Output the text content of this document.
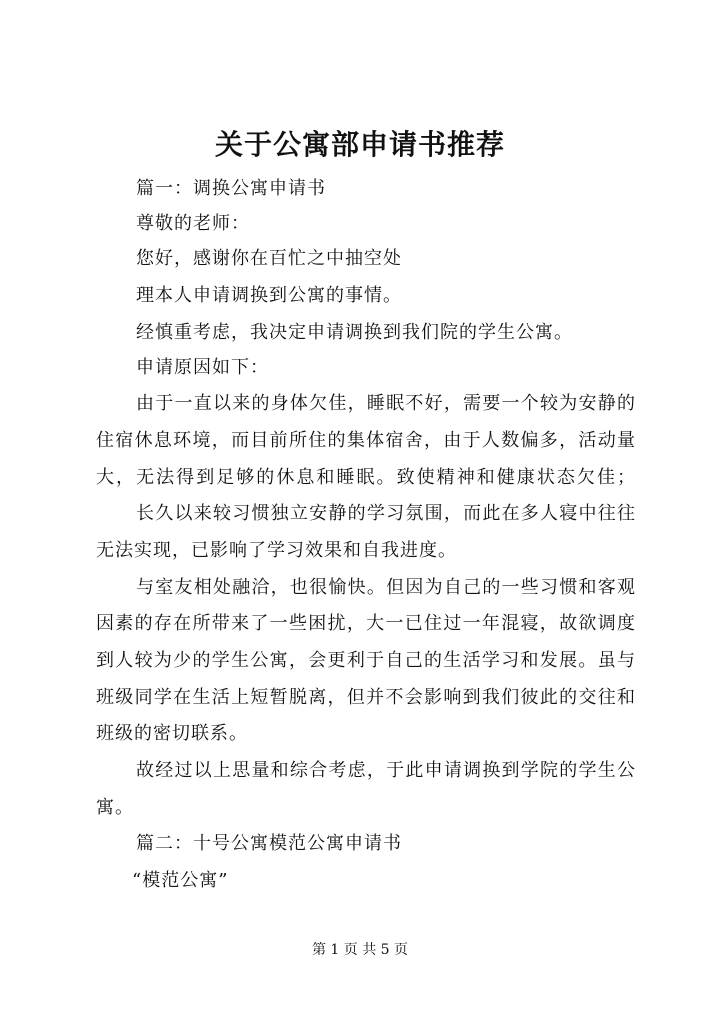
关于公寓部申请书推荐
篇一：调换公寓申请书
尊敬的老师：
您好，感谢你在百忙之中抽空处
理本人申请调换到公寓的事情。
经慎重考虑，我决定申请调换到我们院的学生公寓。
申请原因如下：
由于一直以来的身体欠佳，睡眠不好，需要一个较为安静的
住宿休息环境，而目前所住的集体宿舍，由于人数偏多，活动量
大，无法得到足够的休息和睡眠。致使精神和健康状态欠佳；
长久以来较习惯独立安静的学习氛围，而此在多人寝中往往
无法实现，已影响了学习效果和自我进度。
与室友相处融洽，也很愉快。但因为自己的一些习惯和客观
因素的存在所带来了一些困扰，大一已住过一年混寝，故欲调度
到人较为少的学生公寓，会更利于自己的生活学习和发展。虽与
班级同学在生活上短暂脱离，但并不会影响到我们彼此的交往和
班级的密切联系。
故经过以上思量和综合考虑，于此申请调换到学院的学生公
寓。
篇二：十号公寓模范公寓申请书
“模范公寓”
第 1 页 共 5 页
